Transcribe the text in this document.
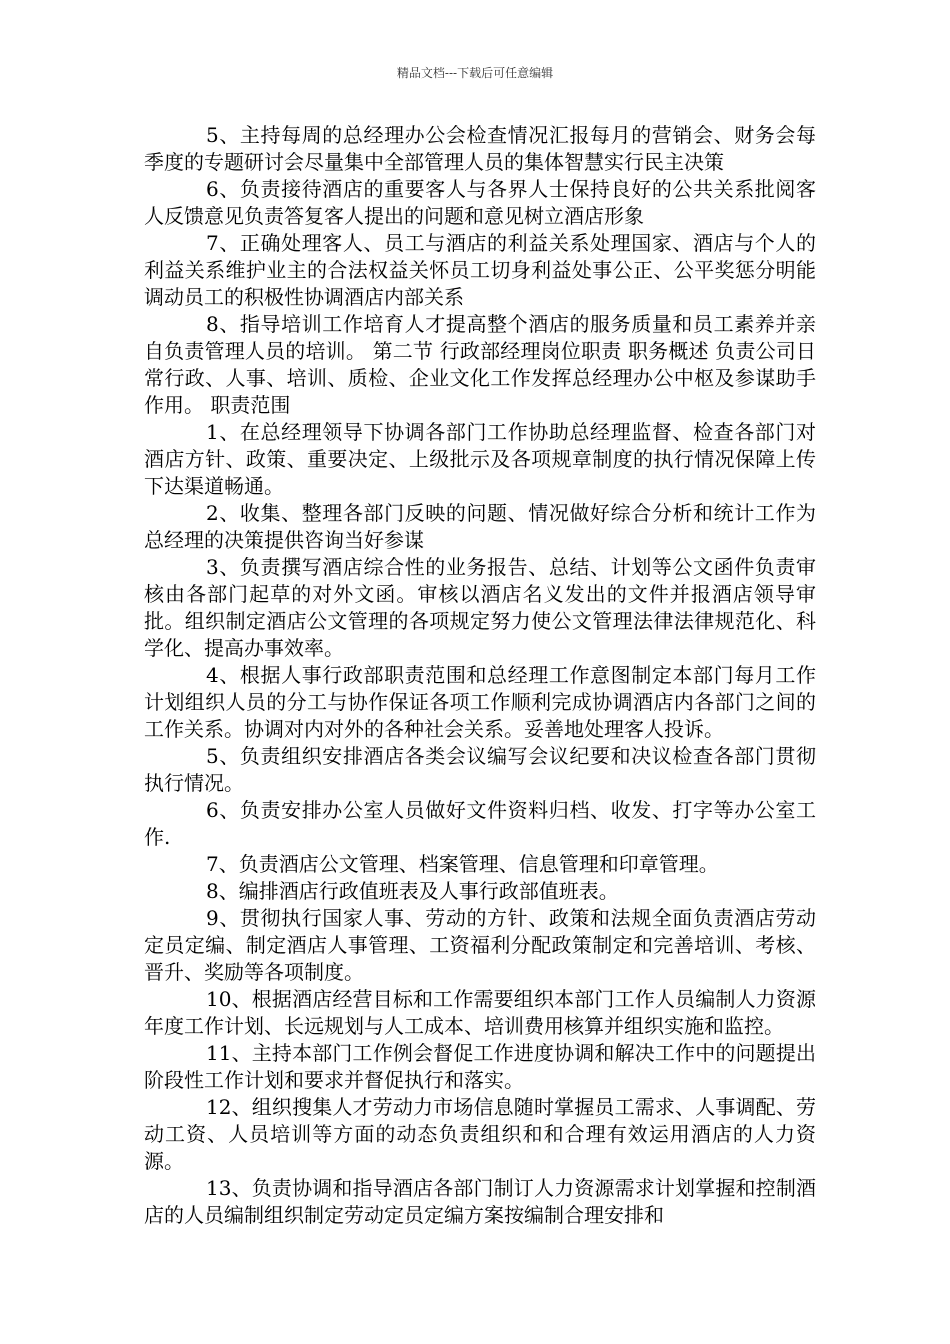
精品文档---下载后可任意编辑

5、主持每周的总经理办公会检查情况汇报每月的营销会、财务会每季度的专题研讨会尽量集中全部管理人员的集体智慧实行民主决策

6、负责接待酒店的重要客人与各界人士保持良好的公共关系批阅客人反馈意见负责答复客人提出的问题和意见树立酒店形象

7、正确处理客人、员工与酒店的利益关系处理国家、酒店与个人的利益关系维护业主的合法权益关怀员工切身利益处事公正、公平奖惩分明能调动员工的积极性协调酒店内部关系

8、指导培训工作培育人才提高整个酒店的服务质量和员工素养并亲自负责管理人员的培训。 第二节 行政部经理岗位职责 职务概述 负责公司日常行政、人事、培训、质检、企业文化工作发挥总经理办公中枢及参谋助手作用。 职责范围

1、在总经理领导下协调各部门工作协助总经理监督、检查各部门对酒店方针、政策、重要决定、上级批示及各项规章制度的执行情况保障上传下达渠道畅通。

2、收集、整理各部门反映的问题、情况做好综合分析和统计工作为总经理的决策提供咨询当好参谋

3、负责撰写酒店综合性的业务报告、总结、计划等公文函件负责审核由各部门起草的对外文函。审核以酒店名义发出的文件并报酒店领导审批。组织制定酒店公文管理的各项规定努力使公文管理法律法律规范化、科学化、提高办事效率。

4、根据人事行政部职责范围和总经理工作意图制定本部门每月工作计划组织人员的分工与协作保证各项工作顺利完成协调酒店内各部门之间的工作关系。协调对内对外的各种社会关系。妥善地处理客人投诉。

5、负责组织安排酒店各类会议编写会议纪要和决议检查各部门贯彻执行情况。

6、负责安排办公室人员做好文件资料归档、收发、打字等办公室工作.

7、负责酒店公文管理、档案管理、信息管理和印章管理。

8、编排酒店行政值班表及人事行政部值班表。

9、贯彻执行国家人事、劳动的方针、政策和法规全面负责酒店劳动定员定编、制定酒店人事管理、工资福利分配政策制定和完善培训、考核、晋升、奖励等各项制度。

10、根据酒店经营目标和工作需要组织本部门工作人员编制人力资源年度工作计划、长远规划与人工成本、培训费用核算并组织实施和监控。

11、主持本部门工作例会督促工作进度协调和解决工作中的问题提出阶段性工作计划和要求并督促执行和落实。

12、组织搜集人才劳动力市场信息随时掌握员工需求、人事调配、劳动工资、人员培训等方面的动态负责组织和和合理有效运用酒店的人力资源。

13、负责协调和指导酒店各部门制订人力资源需求计划掌握和控制酒店的人员编制组织制定劳动定员定编方案按编制合理安排和
